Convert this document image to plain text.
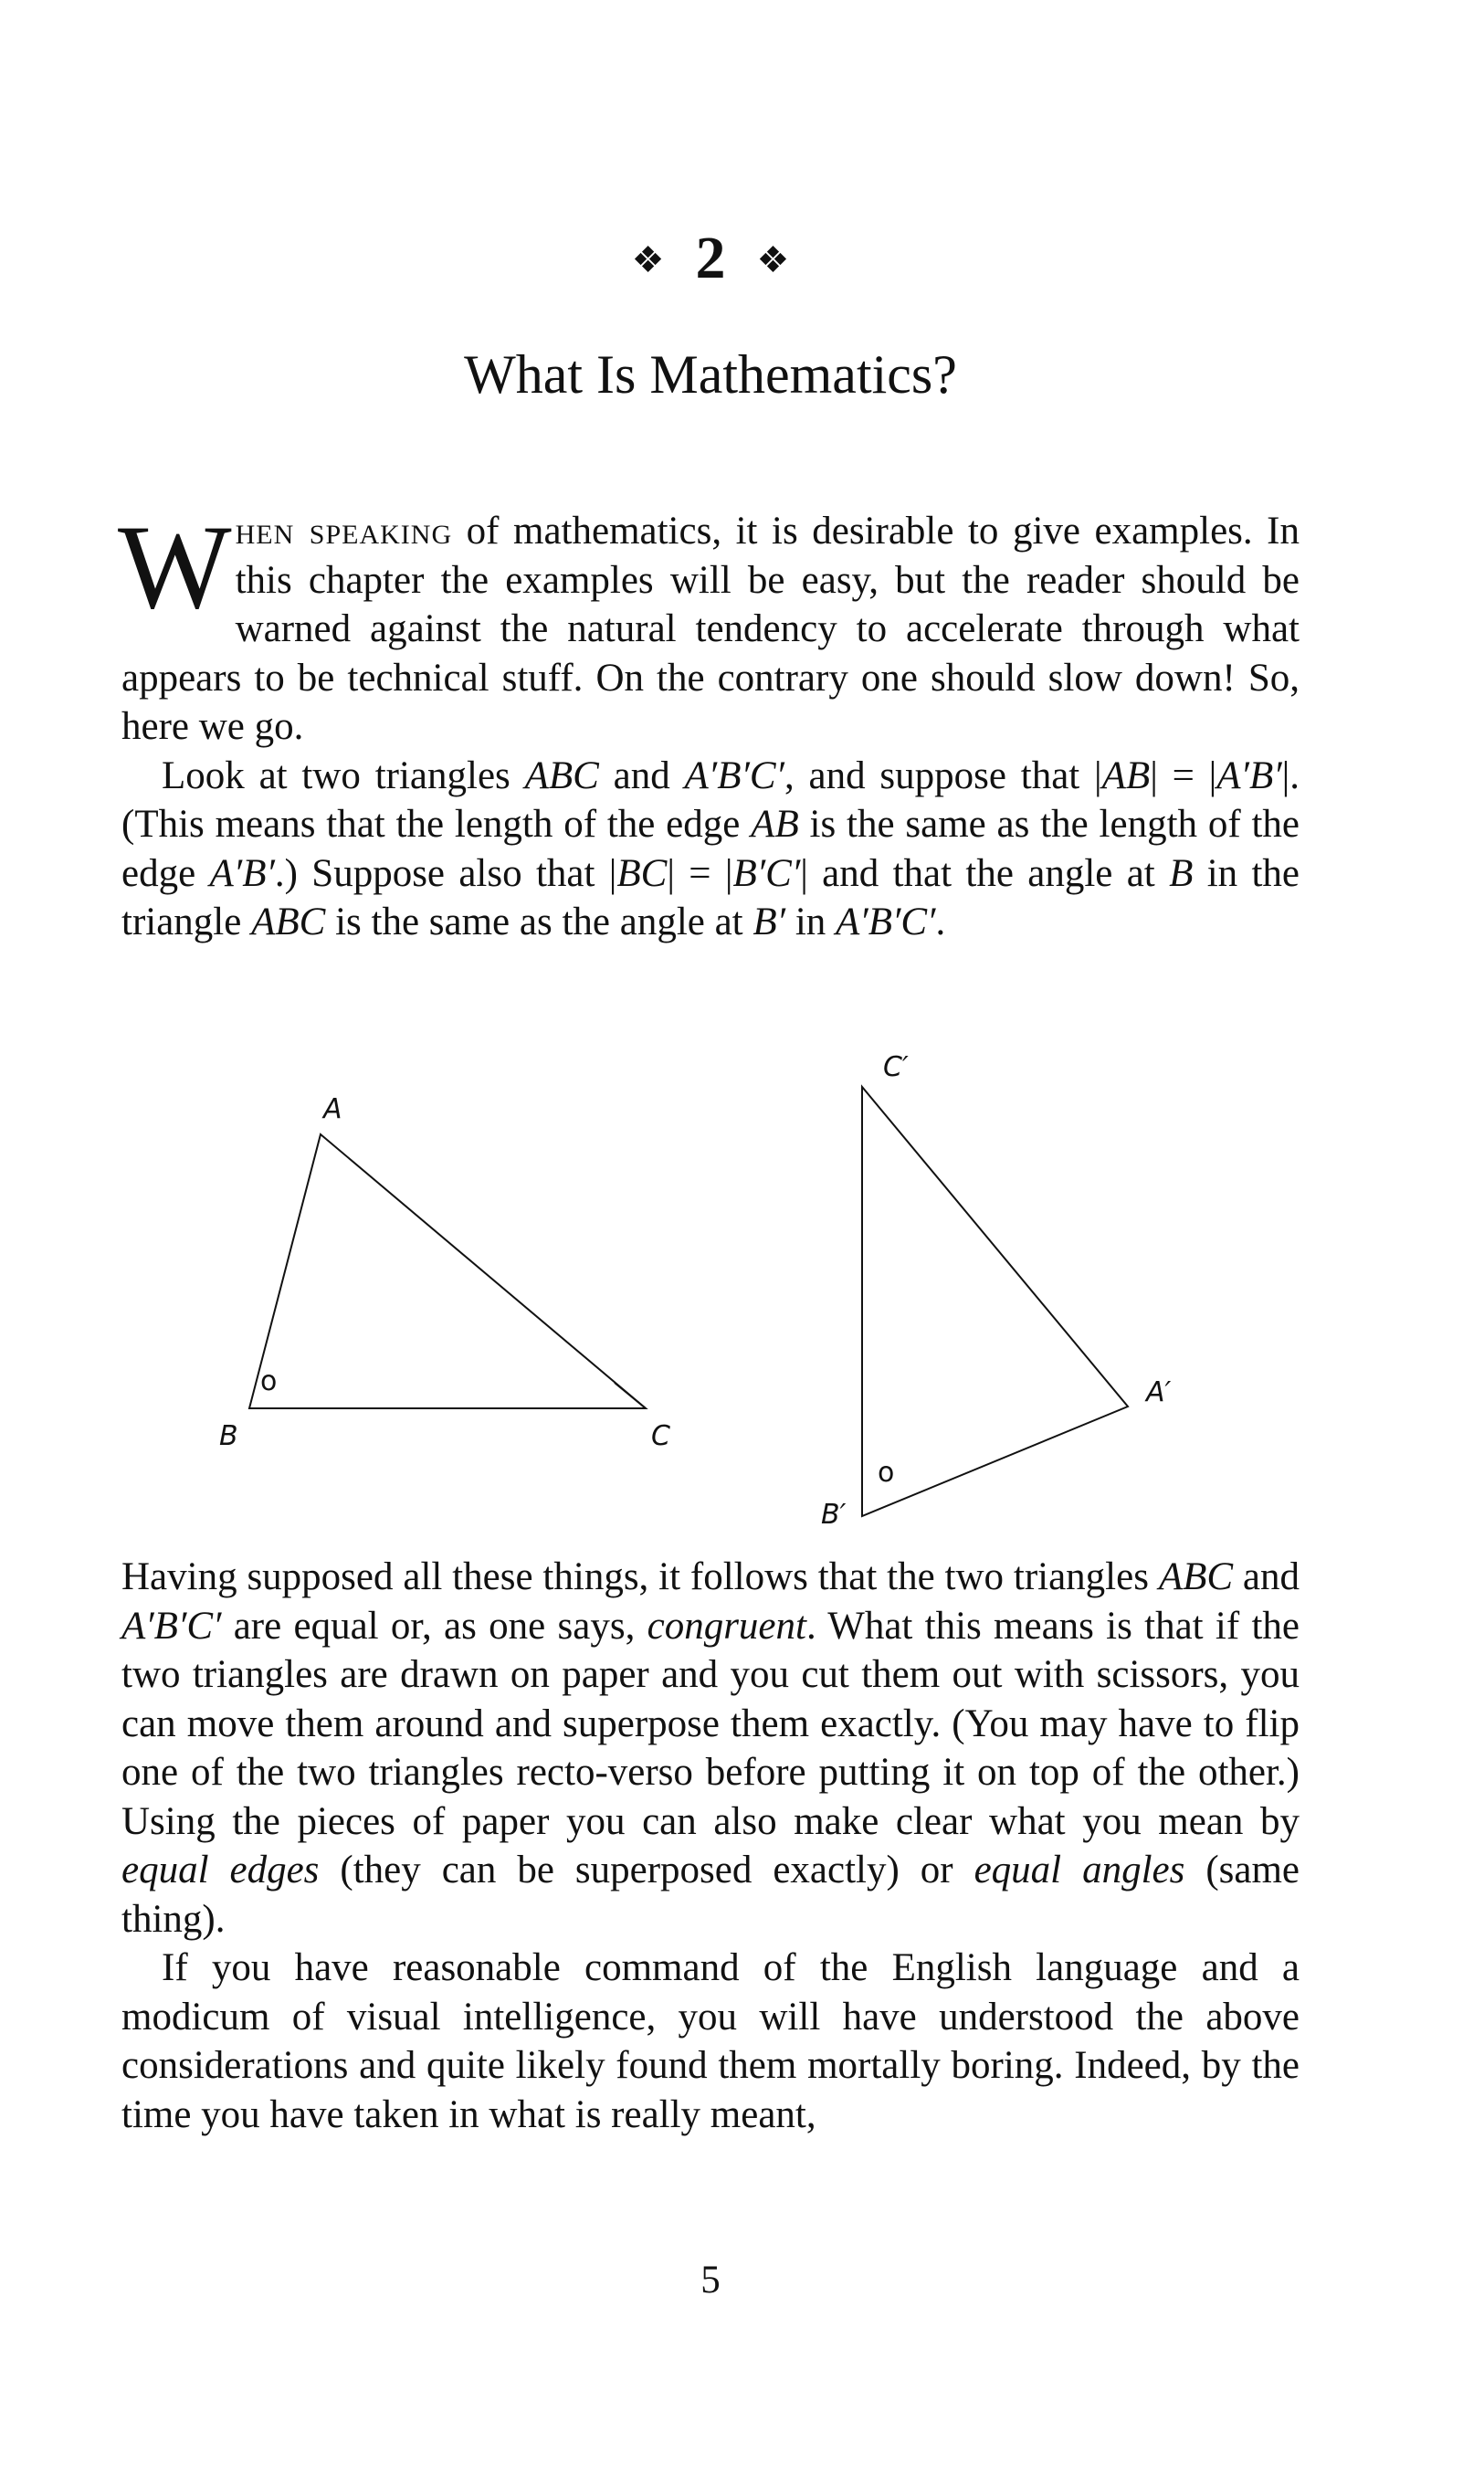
❖ 2 ❖
What Is Mathematics?

When speaking of mathematics, it is desirable to give examples. In this chapter the examples will be easy, but the reader should be warned against the natural tendency to accelerate through what appears to be technical stuff. On the contrary one should slow down! So, here we go.

Look at two triangles ABC and A′B′C′, and suppose that |AB| = |A′B′|. (This means that the length of the edge AB is the same as the length of the edge A′B′.) Suppose also that |BC| = |B′C′| and that the angle at B in the triangle ABC is the same as the angle at B′ in A′B′C′.

A
B	C
o
C′
A′
B′
o

Having supposed all these things, it follows that the two triangles ABC and A′B′C′ are equal or, as one says, congruent. What this means is that if the two triangles are drawn on paper and you cut them out with scissors, you can move them around and superpose them exactly. (You may have to flip one of the two triangles recto-verso before putting it on top of the other.) Using the pieces of paper you can also make clear what you mean by equal edges (they can be superposed exactly) or equal angles (same thing).

If you have reasonable command of the English language and a modicum of visual intelligence, you will have understood the above considerations and quite likely found them mortally boring. Indeed, by the time you have taken in what is really meant,

5
